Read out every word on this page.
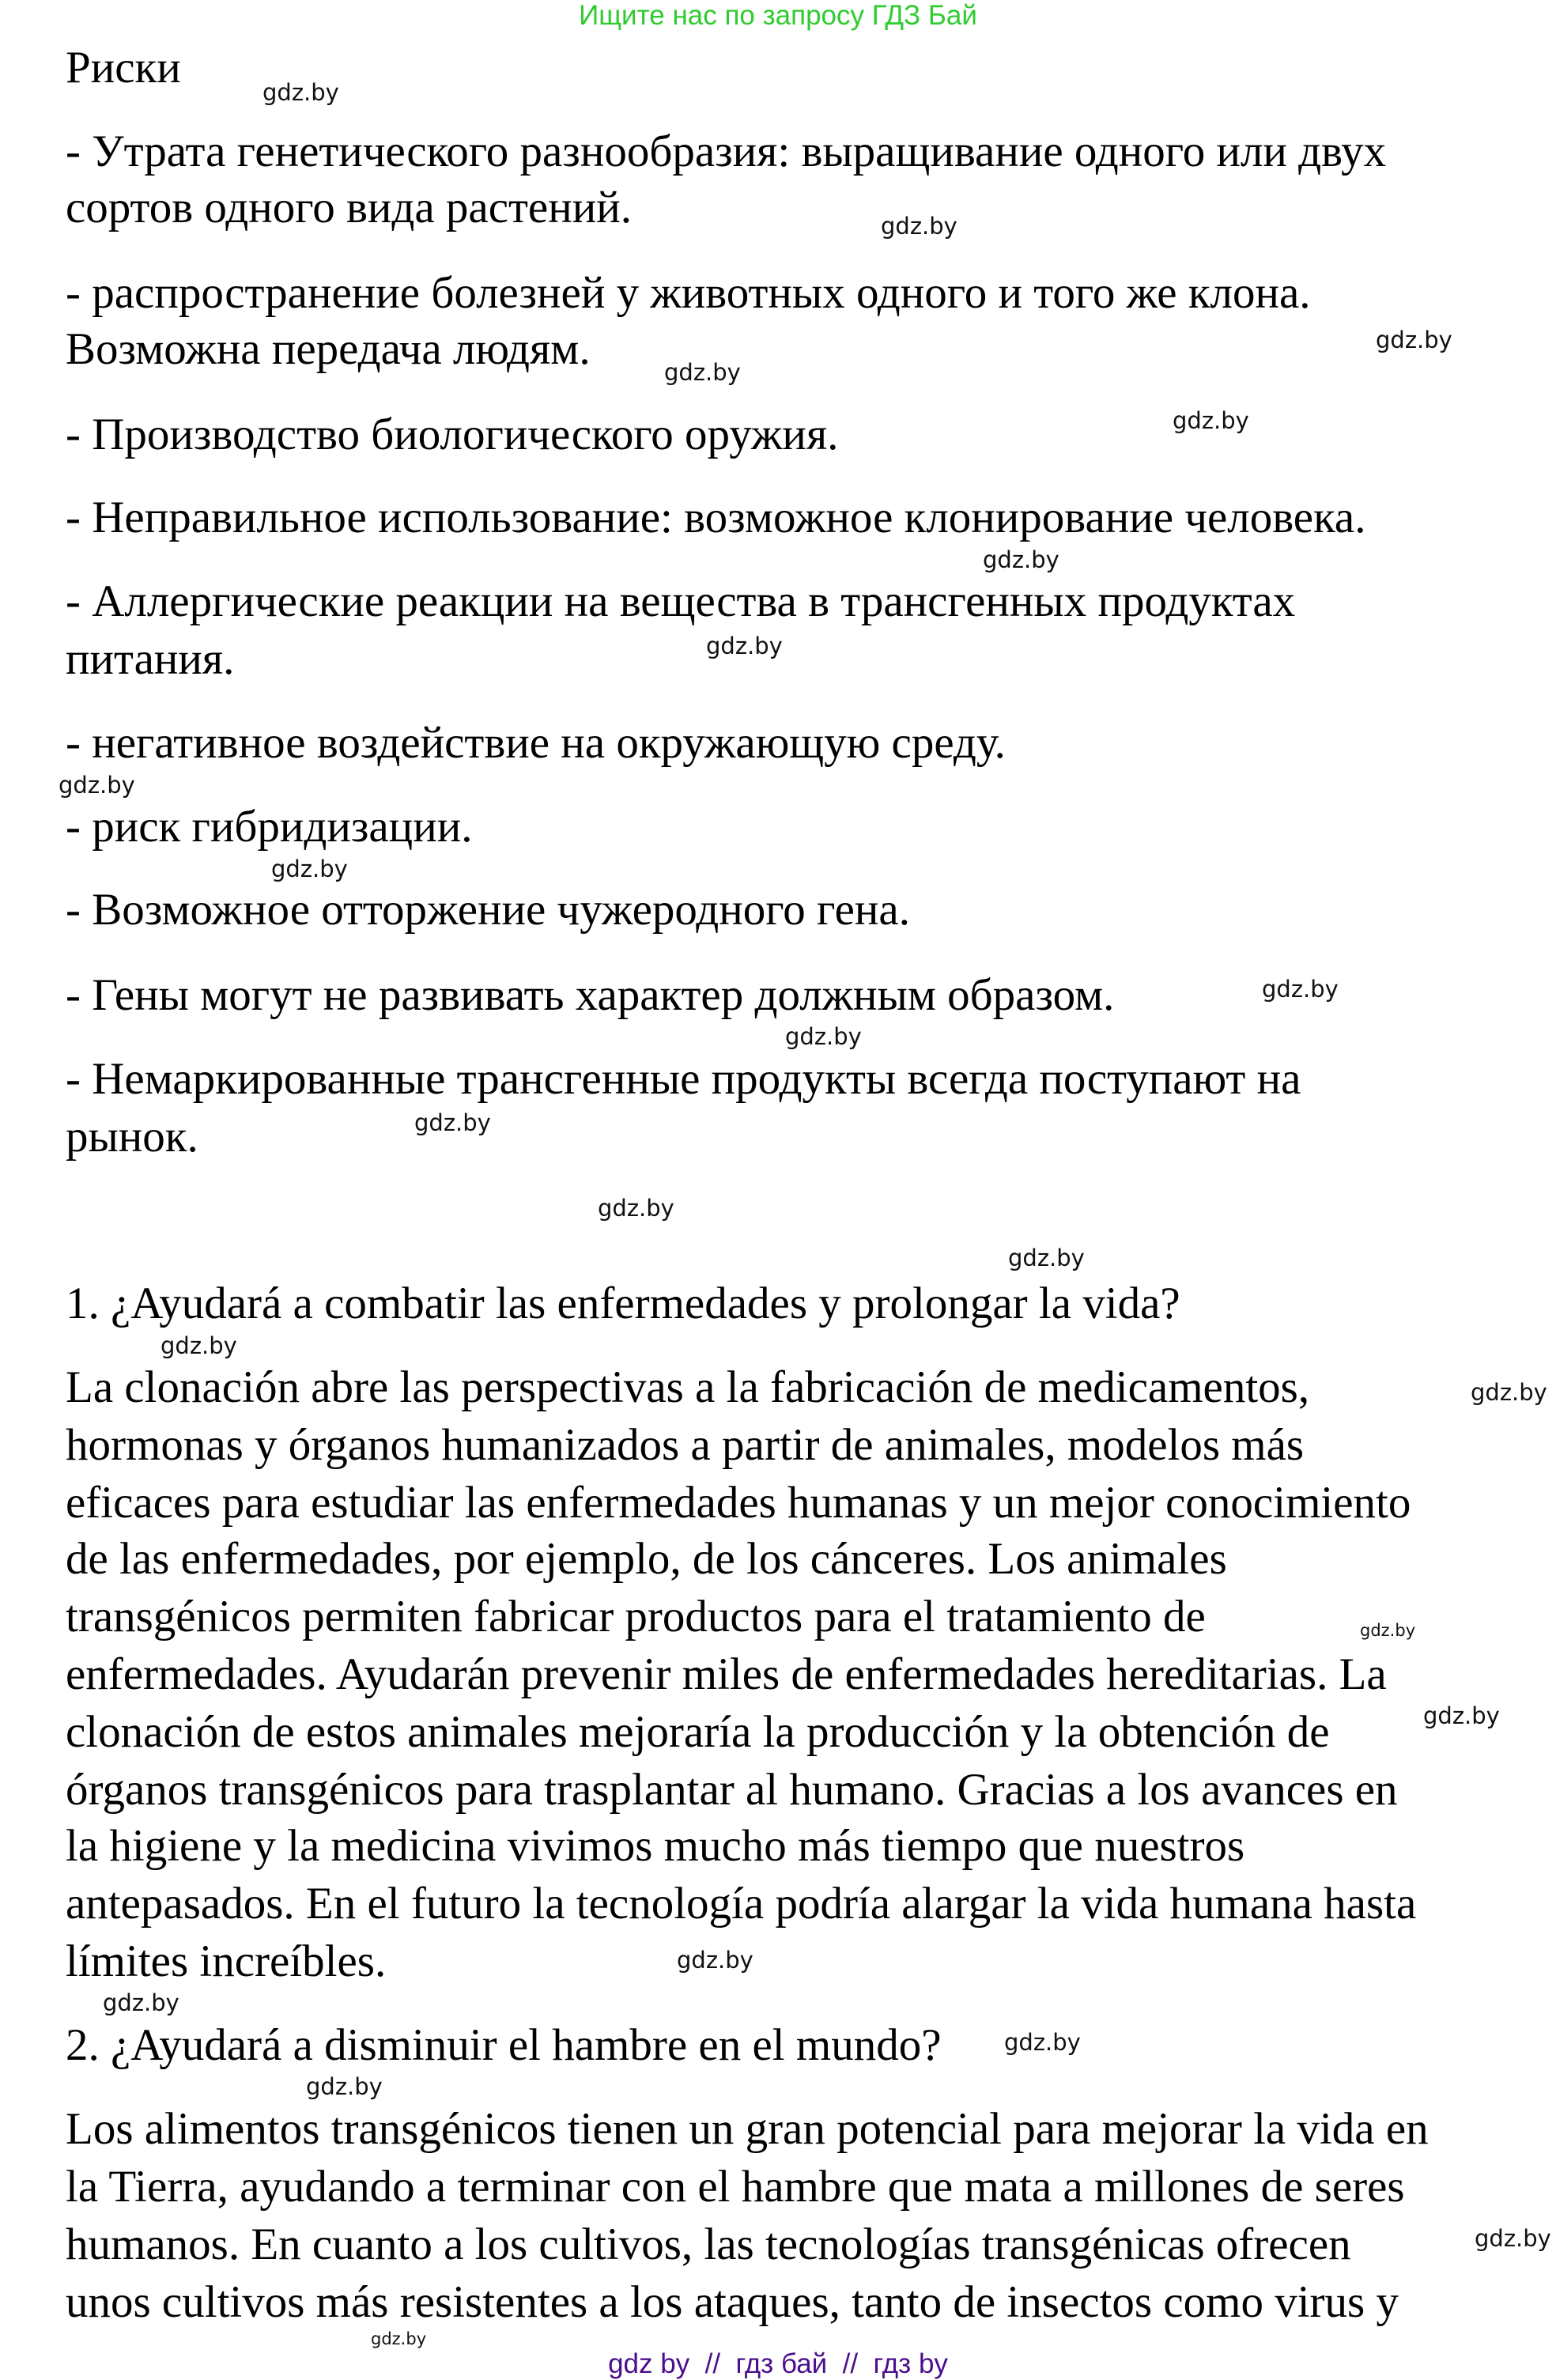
Ищите нас по запросу ГДЗ Бай
Риски
- Утрата генетического разнообразия: выращивание одного или двух
сортов одного вида растений.
- распространение болезней у животных одного и того же клона.
Возможна передача людям.
- Производство биологического оружия.
- Неправильное использование: возможное клонирование человека.
- Аллергические реакции на вещества в трансгенных продуктах
питания.
- негативное воздействие на окружающую среду.
- риск гибридизации.
- Возможное отторжение чужеродного гена.
- Гены могут не развивать характер должным образом.
- Немаркированные трансгенные продукты всегда поступают на
рынок.
1. ¿Ayudará a combatir las enfermedades y prolongar la vida?
La clonación abre las perspectivas a la fabricación de medicamentos,
hormonas y órganos humanizados a partir de animales, modelos más
eficaces para estudiar las enfermedades humanas y un mejor conocimiento
de las enfermedades, por ejemplo, de los cánceres. Los animales
transgénicos permiten fabricar productos para el tratamiento de
enfermedades. Ayudarán prevenir miles de enfermedades hereditarias. La
clonación de estos animales mejoraría la producción y la obtención de
órganos transgénicos para trasplantar al humano. Gracias a los avances en
la higiene y la medicina vivimos mucho más tiempo que nuestros
antepasados. En el futuro la tecnología podría alargar la vida humana hasta
límites increíbles.
2. ¿Ayudará a disminuir el hambre en el mundo?
Los alimentos transgénicos tienen un gran potencial para mejorar la vida en
la Tierra, ayudando a terminar con el hambre que mata a millones de seres
humanos. En cuanto a los cultivos, las tecnologías transgénicas ofrecen
unos cultivos más resistentes a los ataques, tanto de insectos como virus y
gdz.by
gdz.by
gdz.by
gdz.by
gdz.by
gdz.by
gdz.by
gdz.by
gdz.by
gdz.by
gdz.by
gdz.by
gdz.by
gdz.by
gdz.by
gdz.by
gdz.by
gdz.by
gdz.by
gdz.by
gdz.by
gdz.by
gdz.by
gdz.by
gdz by  //  гдз бай  //  гдз by
